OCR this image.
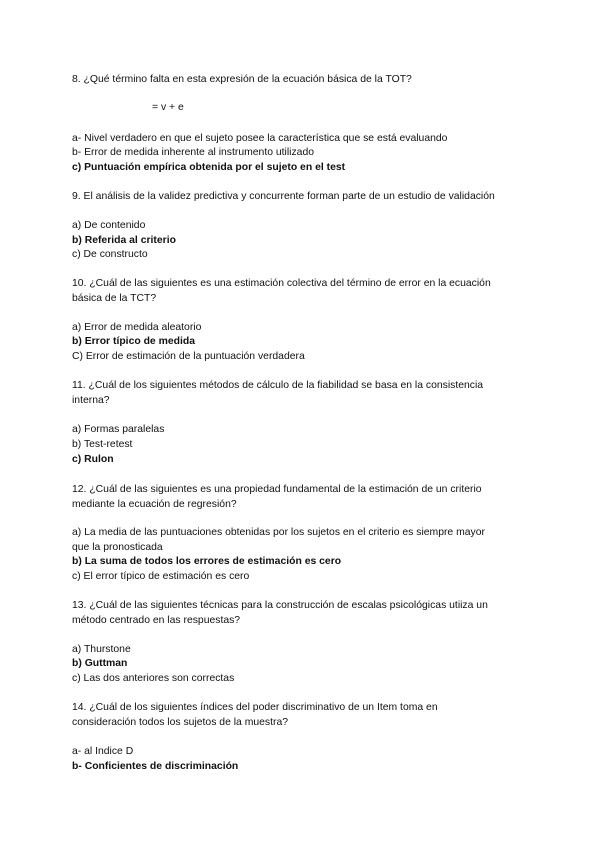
8. ¿Qué término falta en esta expresión de la ecuación básica de la TOT?
= v + e
a- Nivel verdadero en que el sujeto posee la característica que se está evaluando
b- Error de medida inherente al instrumento utilizado
c) Puntuación empírica obtenida por el sujeto en el test
9. El análisis de la validez predictiva y concurrente forman parte de un estudio de validación
a) De contenido
b) Referida al criterio
c) De constructo
10. ¿Cuál de las siguientes es una estimación colectiva del término de error en la ecuación
básica de la TCT?
a) Error de medida aleatorio
b) Error típico de medida
C) Error de estimación de la puntuación verdadera
11. ¿Cuál de los siguientes métodos de cálculo de la fiabilidad se basa en la consistencia
interna?
a) Formas paralelas
b) Test-retest
c) Rulon
12. ¿Cuál de las siguientes es una propiedad fundamental de la estimación de un criterio
mediante la ecuación de regresión?
a) La media de las puntuaciones obtenidas por los sujetos en el criterio es siempre mayor
que la pronosticada
b) La suma de todos los errores de estimación es cero
c) El error típico de estimación es cero
13. ¿Cuál de las siguientes técnicas para la construcción de escalas psicológicas utiiza un
método centrado en las respuestas?
a) Thurstone
b) Guttman
c) Las dos anteriores son correctas
14. ¿Cuál de los siguientes índices del poder discriminativo de un Item toma en
consideración todos los sujetos de la muestra?
a- al Indice D
b- Conficientes de discriminación
